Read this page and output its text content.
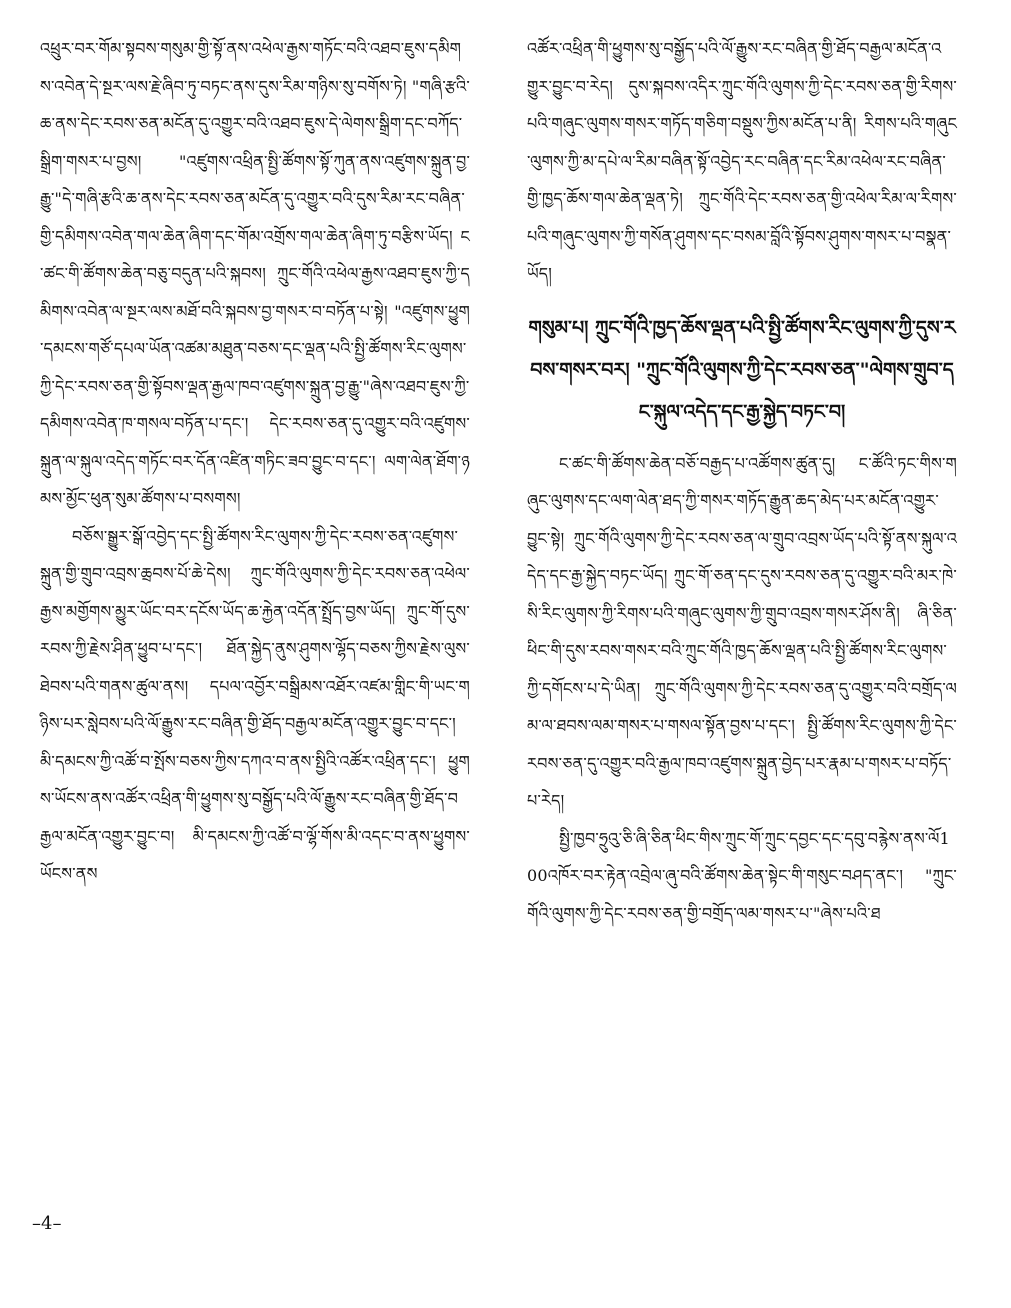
འཕྲུར་བར་གོམ་སྟབས་གསུམ་གྱི་སྟོ་ནས་འཕེལ་རྒྱས་གཏོང་བའི་འཐབ་ཇུས་དམིགས་འབེན་དེ་སྔར་ལས་རྗེ་ཞིབ་ཏུ་བཏང་ནས་དུས་རིམ་གཉིས་སུ་བགོས་ཏེ། "གཞི་རྩའི་ཆ་ནས་དེང་རབས་ཅན་མངོན་དུ་འགྱུར་བའི་འཐབ་ཇུས་དེ་ལེགས་སྒྲིག་དང་བཀོད་སྒྲིག་གསར་པ་བྱས། "འཛུགས་འཕྲིན་སྤྱི་ཚོགས་སྟོ་ཀུན་ནས་འཛུགས་སྐྲུན་བྱ་རྒྱུ་"དེ་གཞི་རྩའི་ཆ་ནས་དེང་རབས་ཅན་མངོན་དུ་འགྱུར་བའི་དུས་རིམ་རང་བཞིན་གྱི་དམིགས་འབེན་གལ་ཆེན་ཞིག་དང་གོམ་འགྲོས་གལ་ཆེན་ཞིག་ཏུ་བརྩིས་ཡོད། ང་ཚང་གི་ཚོགས་ཆེན་བཅུ་བདུན་པའི་སྐབས། ཀྲུང་གོའི་འཕེལ་རྒྱས་འཐབ་ཇུས་ཀྱི་དམིགས་འབེན་ལ་སྔར་ལས་མཐོ་བའི་སྐབས་བྱ་གསར་བ་བཏོན་པ་སྟེ། "འཛུགས་ཕྱུག་དམངས་གཙོ་དཔལ་ཡོན་འཚམ་མཐུན་བཅས་དང་ལྡན་པའི་སྤྱི་ཚོགས་རིང་ལུགས་ཀྱི་དེང་རབས་ཅན་གྱི་སྟོབས་ལྡན་རྒྱལ་ཁབ་འཛུགས་སྐྲུན་བྱ་རྒྱུ་"ཞེས་འཐབ་ཇུས་ཀྱི་དམིགས་འབེན་ཁ་གསལ་བཏོན་པ་དང་། དེང་རབས་ཅན་དུ་འགྱུར་བའི་འཛུགས་སྐྲུན་ལ་སྐུལ་འདེད་གཏོང་བར་དོན་འཛིན་གཏིང་ཟབ་བྱུང་བ་དང་། ལག་ལེན་ཐོག་ཉམས་མྱོང་ཕུན་སུམ་ཚོགས་པ་བསགས།

བཅོས་སྒྱུར་སྒོ་འབྱེད་དང་སྤྱི་ཚོགས་རིང་ལུགས་ཀྱི་དེང་རབས་ཅན་འཛུགས་སྐྲུན་གྱི་གྲུབ་འབྲས་ཆྲབས་པོ་ཆེ་དེས། ཀྲུང་གོའི་ལུགས་ཀྱི་དེང་རབས་ཅན་འཕེལ་རྒྱས་མགྱོགས་མྱུར་ཡོང་བར་དངོས་ཡོད་ཆ་རྐྱེན་འདོན་སྤྲོད་བྱས་ཡོད། ཀྲུང་གོ་དུས་རབས་ཀྱི་རྗེས་ཤིན་ཕྱུབ་པ་དང་། ཐོན་སྐྱེད་ནུས་ཤུགས་ལྷོད་བཅས་ཀྱིས་རྗེས་ལུས་ཐེབས་པའི་གནས་ཚུལ་ནས། དཔལ་འབྱོར་བསྒྲིམས་འཐོར་འཛམ་གླིང་གི་ཡང་གཉིས་པར་སླེབས་པའི་ལོ་རྒྱུས་རང་བཞིན་གྱི་ཐོད་བརྒྱལ་མངོན་འགྱུར་བྱུང་བ་དང་། མི་དམངས་ཀྱི་འཚོ་བ་སྤོས་བཅས་ཀྱིས་དཀའ་བ་ནས་སྤྱིའི་འཚོར་འཕྲིན་དང་། ཕྱུགས་ཡོངས་ནས་འཚོར་འཕྲིན་གི་ཕྱུགས་སུ་བསྒྱོད་པའི་ལོ་རྒྱུས་རང་བཞིན་གྱི་ཐོད་བརྒྱལ་མངོན་འགྱུར་བྱུང་བ། མི་དམངས་ཀྱི་འཚོ་བ་ལྷོ་གོས་མི་འདང་བ་ནས་ཕྱུགས་ཡོངས་ནས

འཚོར་འཕྲིན་གི་ཕྱུགས་སུ་བསྒྱོད་པའི་ལོ་རྒྱུས་རང་བཞིན་གྱི་ཐོད་བརྒྱལ་མངོན་འགྱུར་བྱུང་བ་རེད། དུས་སྐབས་འདིར་ཀྲུང་གོའི་ལུགས་ཀྱི་དེང་རབས་ཅན་གྱི་རིགས་པའི་གཞུང་ལུགས་གསར་གཏོད་གཅིག་བསྡུས་ཀྱིས་མངོན་པ་ནི། རིགས་པའི་གཞུང་ལུགས་ཀྱི་མ་དཔེ་ལ་རིམ་བཞིན་སྟོ་འབྱེད་རང་བཞིན་དང་རིམ་འཕེལ་རང་བཞིན་གྱི་ཁྱད་ཆོས་གལ་ཆེན་ལྡན་ཏེ། ཀྲུང་གོའི་དེང་རབས་ཅན་གྱི་འཕེལ་རིམ་ལ་རིགས་པའི་གཞུང་ལུགས་ཀྱི་གསོན་ཤུགས་དང་བསམ་བློའི་སྟོབས་ཤུགས་གསར་པ་བསྣན་ཡོད།

གསུམ་པ། ཀྲུང་གོའི་ཁྱད་ཆོས་ལྡན་པའི་སྤྱི་ཚོགས་རིང་ལུགས་ཀྱི་དུས་རབས་གསར་བར། "ཀྲུང་གོའི་ལུགས་ཀྱི་དེང་རབས་ཅན་"ལེགས་གྲུབ་དང་སྐུལ་འདེད་དང་རྒྱ་སྐྱེད་བཏང་བ།

ང་ཚང་གི་ཚོགས་ཆེན་བཅོ་བརྒྱད་པ་འཚོགས་ཚུན་དུ། ང་ཚོའི་ཏང་གིས་གཞུང་ལུགས་དང་ལག་ལེན་ཐད་ཀྱི་གསར་གཏོད་རྒྱུན་ཆད་མེད་པར་མངོན་འགྱུར་བྱུང་སྟེ། ཀྲུང་གོའི་ལུགས་ཀྱི་དེང་རབས་ཅན་ལ་གྲུབ་འབྲས་ཡོད་པའི་སྟོ་ནས་སྐུལ་འདེད་དང་རྒྱ་སྐྱེད་བཏང་ཡོད། ཀྲུང་གོ་ཅན་དང་དུས་རབས་ཅན་དུ་འགྱུར་བའི་མར་ཁེ་སི་རིང་ལུགས་ཀྱི་རིགས་པའི་གཞུང་ལུགས་ཀྱི་གྲུབ་འབྲས་གསར་ཤོས་ནི། ཞི་ཅིན་ཕིང་གི་དུས་རབས་གསར་བའི་ཀྲུང་གོའི་ཁྱད་ཆོས་ལྡན་པའི་སྤྱི་ཚོགས་རིང་ལུགས་ཀྱི་དགོངས་པ་དེ་ཡིན། ཀྲུང་གོའི་ལུགས་ཀྱི་དེང་རབས་ཅན་དུ་འགྱུར་བའི་བགྲོད་ལམ་ལ་ཐབས་ལམ་གསར་པ་གསལ་སྟོན་བྱས་པ་དང་། སྤྱི་ཚོགས་རིང་ལུགས་ཀྱི་དེང་རབས་ཅན་དུ་འགྱུར་བའི་རྒྱལ་ཁབ་འཛུགས་སྐྲུན་བྱེད་པར་རྣམ་པ་གསར་པ་བཏོད་པ་རེད།

སྤྱི་ཁྱབ་ཧྲུའུ་ཅི་ཞི་ཅིན་ཕིང་གིས་ཀྲུང་གོ་ཀྲུང་དབྱང་དང་དབུ་བརྙེས་ནས་ལོ100འཁོར་བར་རྟེན་འབྲེལ་ཞུ་བའི་ཚོགས་ཆེན་སྟེང་གི་གསུང་བཤད་ནང་། "ཀྲུང་གོའི་ལུགས་ཀྱི་དེང་རབས་ཅན་གྱི་བགྲོད་ལམ་གསར་པ་"ཞེས་པའི་ཐ

–4–
